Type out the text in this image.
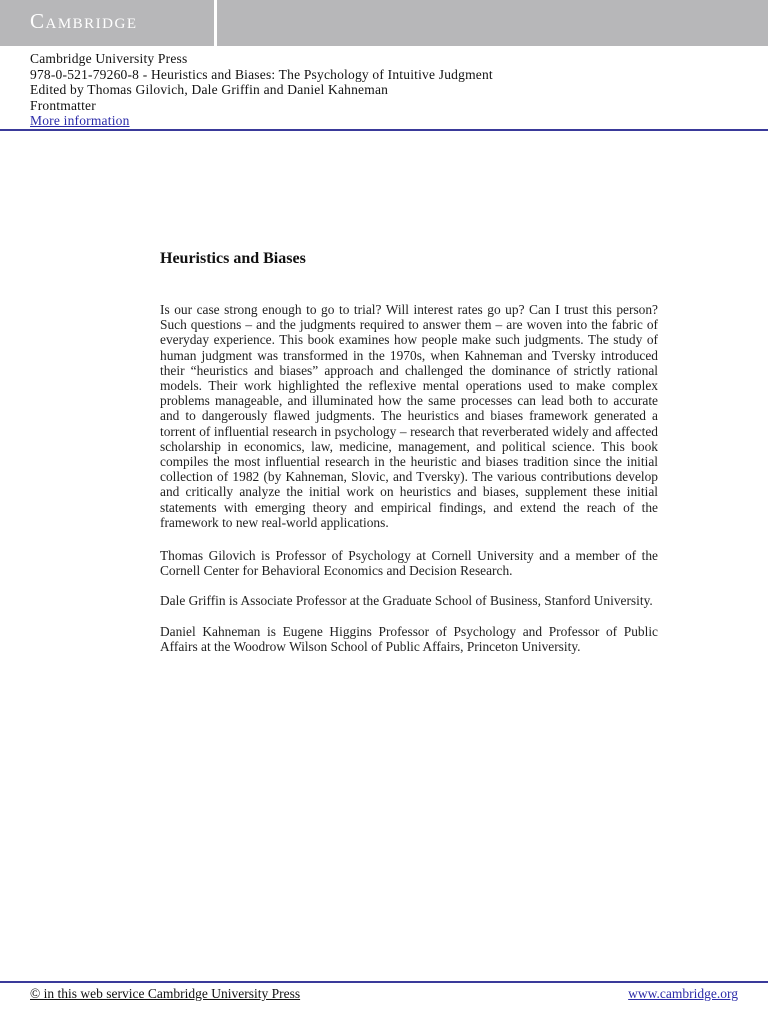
Cambridge
Cambridge University Press
978-0-521-79260-8 - Heuristics and Biases: The Psychology of Intuitive Judgment
Edited by Thomas Gilovich, Dale Griffin and Daniel Kahneman
Frontmatter
More information
Heuristics and Biases

Is our case strong enough to go to trial? Will interest rates go up? Can I trust this person? Such questions – and the judgments required to answer them – are woven into the fabric of everyday experience. This book examines how people make such judgments. The study of human judgment was transformed in the 1970s, when Kahneman and Tversky introduced their “heuristics and biases” approach and challenged the dominance of strictly rational models. Their work highlighted the reflexive mental operations used to make complex problems manageable, and illuminated how the same processes can lead both to accurate and to dangerously flawed judgments. The heuristics and biases framework generated a torrent of influential research in psychology – research that reverberated widely and affected scholarship in economics, law, medicine, management, and political science. This book compiles the most influential research in the heuristic and biases tradition since the initial collection of 1982 (by Kahneman, Slovic, and Tversky). The various contributions develop and critically analyze the initial work on heuristics and biases, supplement these initial statements with emerging theory and empirical findings, and extend the reach of the framework to new real-world applications.

Thomas Gilovich is Professor of Psychology at Cornell University and a member of the Cornell Center for Behavioral Economics and Decision Research.

Dale Griffin is Associate Professor at the Graduate School of Business, Stanford University.

Daniel Kahneman is Eugene Higgins Professor of Psychology and Professor of Public Affairs at the Woodrow Wilson School of Public Affairs, Princeton University.

© in this web service Cambridge University Press	www.cambridge.org
